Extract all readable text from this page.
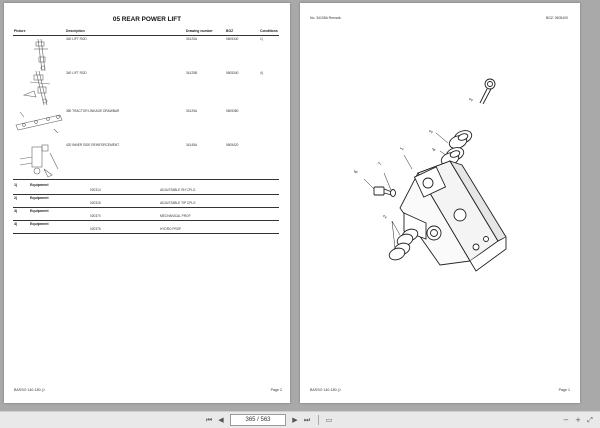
05 REAR POWER LIFT
Picture	Description	Drawing number	BGZ	Conditions
340 LIFT ROD	34125A	0605340	1)
340 LIFT ROD	34125B	0605340	4)
380 TRACTOR LINKAGE DRAWBAR	34125A	0605380
420 INNER SIDE REINFORCEMENT	34145A	0605420
1)	Equipment
020314	ADJUSTABLE RH CPLG
2)	Equipment
020315	ADJUSTABLE TIP CPLG
3)	Equipment
020370	MECHANICAL PROF
4)	Equipment
020376	HYDRO PROF
BASSO 140-180 (J	Page 2
No. 34105A Remark:	BGZ: 0605100
1
2
3
4
6
7
3
BASSO 140-180 (J	Page 1
⏮ ◀	365 / 563	▶ ⏭ ▭	− + ⤢
